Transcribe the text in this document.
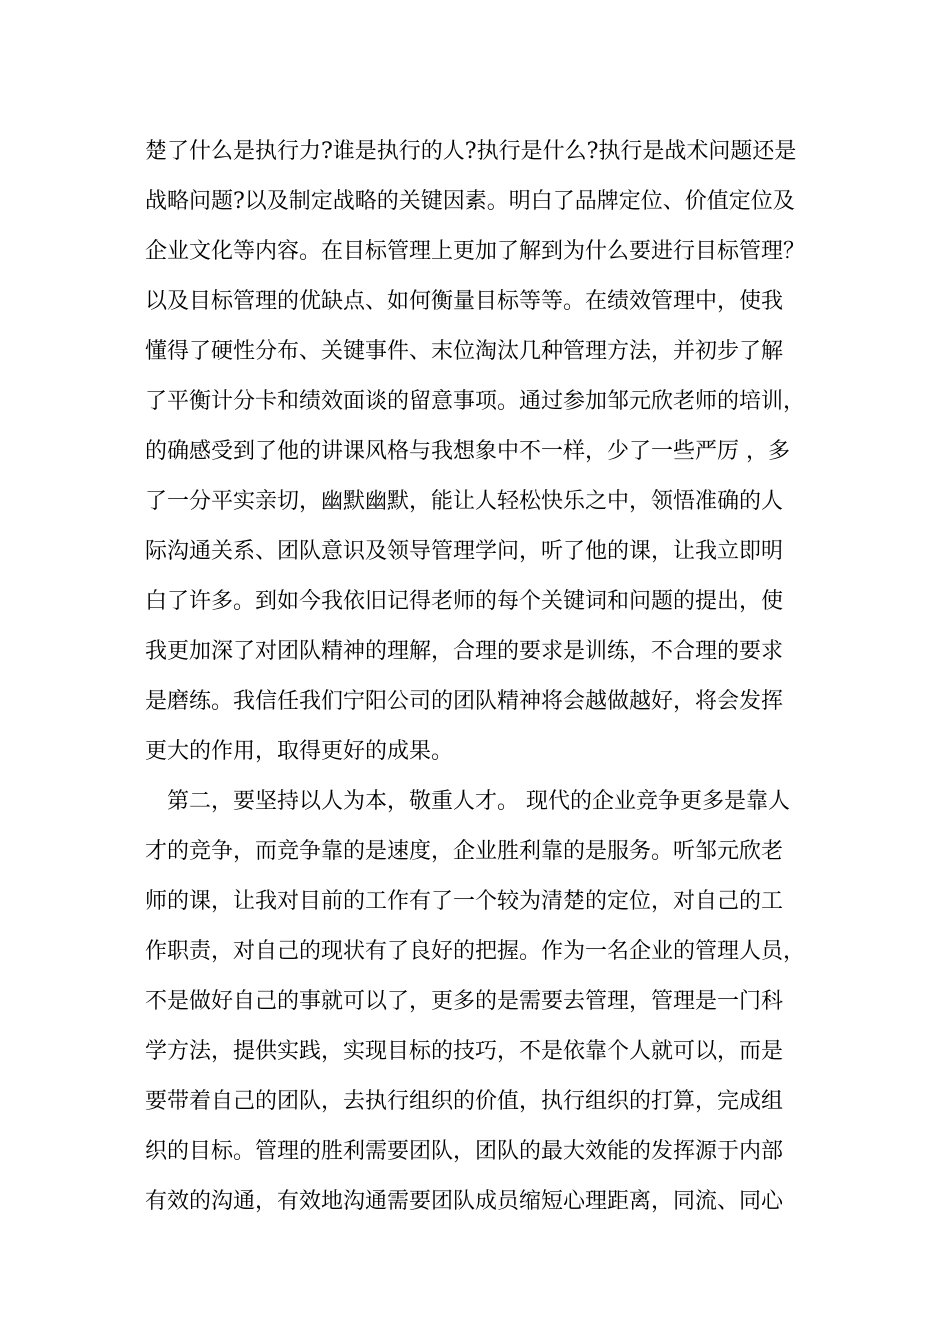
楚了什么是执行力?谁是执行的人?执行是什么?执行是战术问题还是
战略问题?以及制定战略的关键因素。明白了品牌定位、价值定位及
企业文化等内容。在目标管理上更加了解到为什么要进行目标管理？
以及目标管理的优缺点、如何衡量目标等等。在绩效管理中，使我
懂得了硬性分布、关键事件、末位淘汰几种管理方法，并初步了解
了平衡计分卡和绩效面谈的留意事项。通过参加邹元欣老师的培训，
的确感受到了他的讲课风格与我想象中不一样，少了一些严厉 ，多
了一分平实亲切，幽默幽默，能让人轻松快乐之中，领悟准确的人
际沟通关系、团队意识及领导管理学问，听了他的课，让我立即明
白了许多。到如今我依旧记得老师的每个关键词和问题的提出，使
我更加深了对团队精神的理解，合理的要求是训练，不合理的要求
是磨练。我信任我们宁阳公司的团队精神将会越做越好，将会发挥
更大的作用，取得更好的成果。
第二，要坚持以人为本，敬重人才。 现代的企业竞争更多是靠人
才的竞争，而竞争靠的是速度，企业胜利靠的是服务。听邹元欣老
师的课，让我对目前的工作有了一个较为清楚的定位，对自己的工
作职责，对自己的现状有了良好的把握。作为一名企业的管理人员，
不是做好自己的事就可以了，更多的是需要去管理，管理是一门科
学方法，提供实践，实现目标的技巧，不是依靠个人就可以，而是
要带着自己的团队，去执行组织的价值，执行组织的打算，完成组
织的目标。管理的胜利需要团队，团队的最大效能的发挥源于内部
有效的沟通，有效地沟通需要团队成员缩短心理距离，同流、同心
